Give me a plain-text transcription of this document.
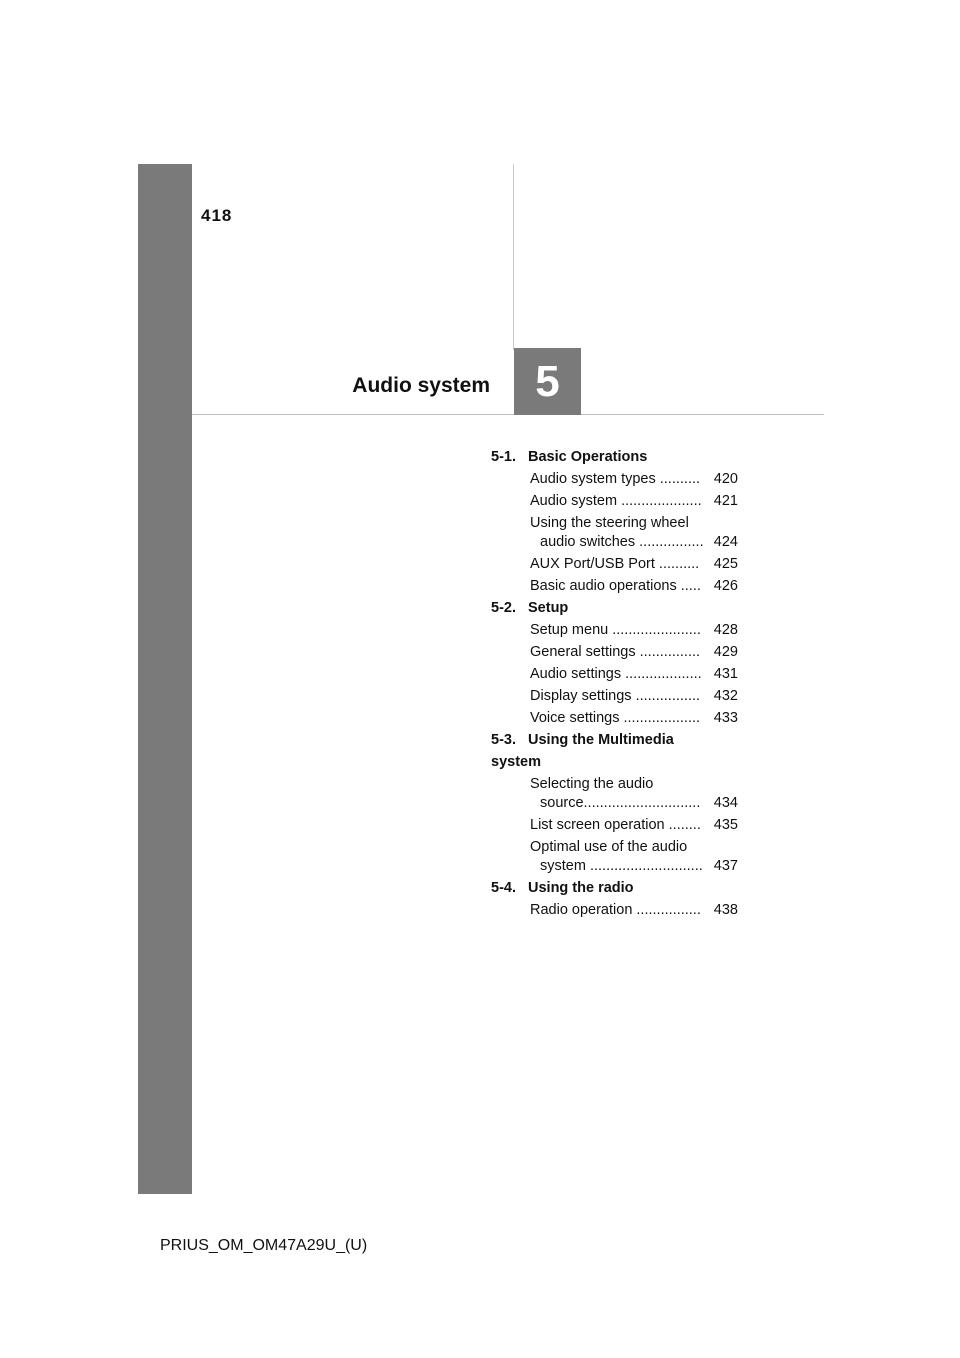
418
Audio system 5
5-1. Basic Operations
Audio system types .......... 420
Audio system .................... 421
Using the steering wheel
audio switches ................ 424
AUX Port/USB Port .......... 425
Basic audio operations ..... 426
5-2. Setup
Setup menu ...................... 428
General settings ............... 429
Audio settings ................... 431
Display settings ................ 432
Voice settings ................... 433
5-3. Using the Multimedia
system
Selecting the audio
source............................. 434
List screen operation ........ 435
Optimal use of the audio
system ............................ 437
5-4. Using the radio
Radio operation ................ 438
PRIUS_OM_OM47A29U_(U)
